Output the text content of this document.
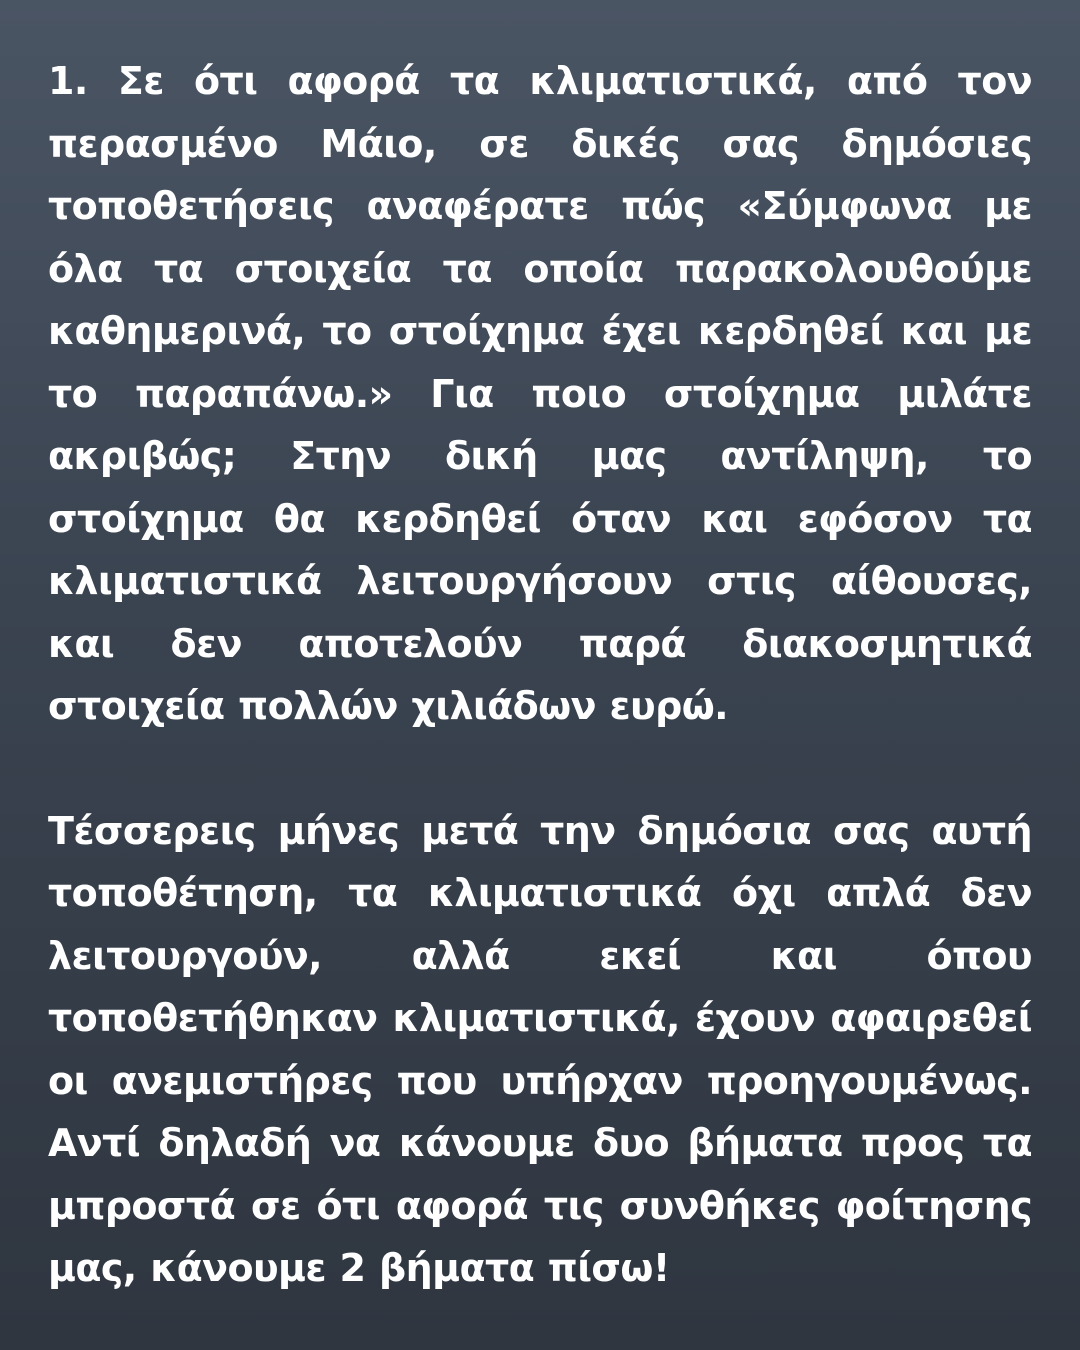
1. Σε ότι αφορά τα κλιματιστικά, από τον περασμένο Μάιο, σε δικές σας δημόσιες τοποθετήσεις αναφέρατε πώς «Σύμφωνα με όλα τα στοιχεία τα οποία παρακολουθούμε καθημερινά, το στοίχημα έχει κερδηθεί και με το παραπάνω.» Για ποιο στοίχημα μιλάτε ακριβώς; Στην δική μας αντίληψη, το στοίχημα θα κερδηθεί όταν και εφόσον τα κλιματιστικά λειτουργήσουν στις αίθουσες, και δεν αποτελούν παρά διακοσμητικά στοιχεία πολλών χιλιάδων ευρώ.

Τέσσερεις μήνες μετά την δημόσια σας αυτή τοποθέτηση, τα κλιματιστικά όχι απλά δεν λειτουργούν, αλλά εκεί και όπου τοποθετήθηκαν κλιματιστικά, έχουν αφαιρεθεί οι ανεμιστήρες που υπήρχαν προηγουμένως. Αντί δηλαδή να κάνουμε δυο βήματα προς τα μπροστά σε ότι αφορά τις συνθήκες φοίτησης μας, κάνουμε 2 βήματα πίσω!
